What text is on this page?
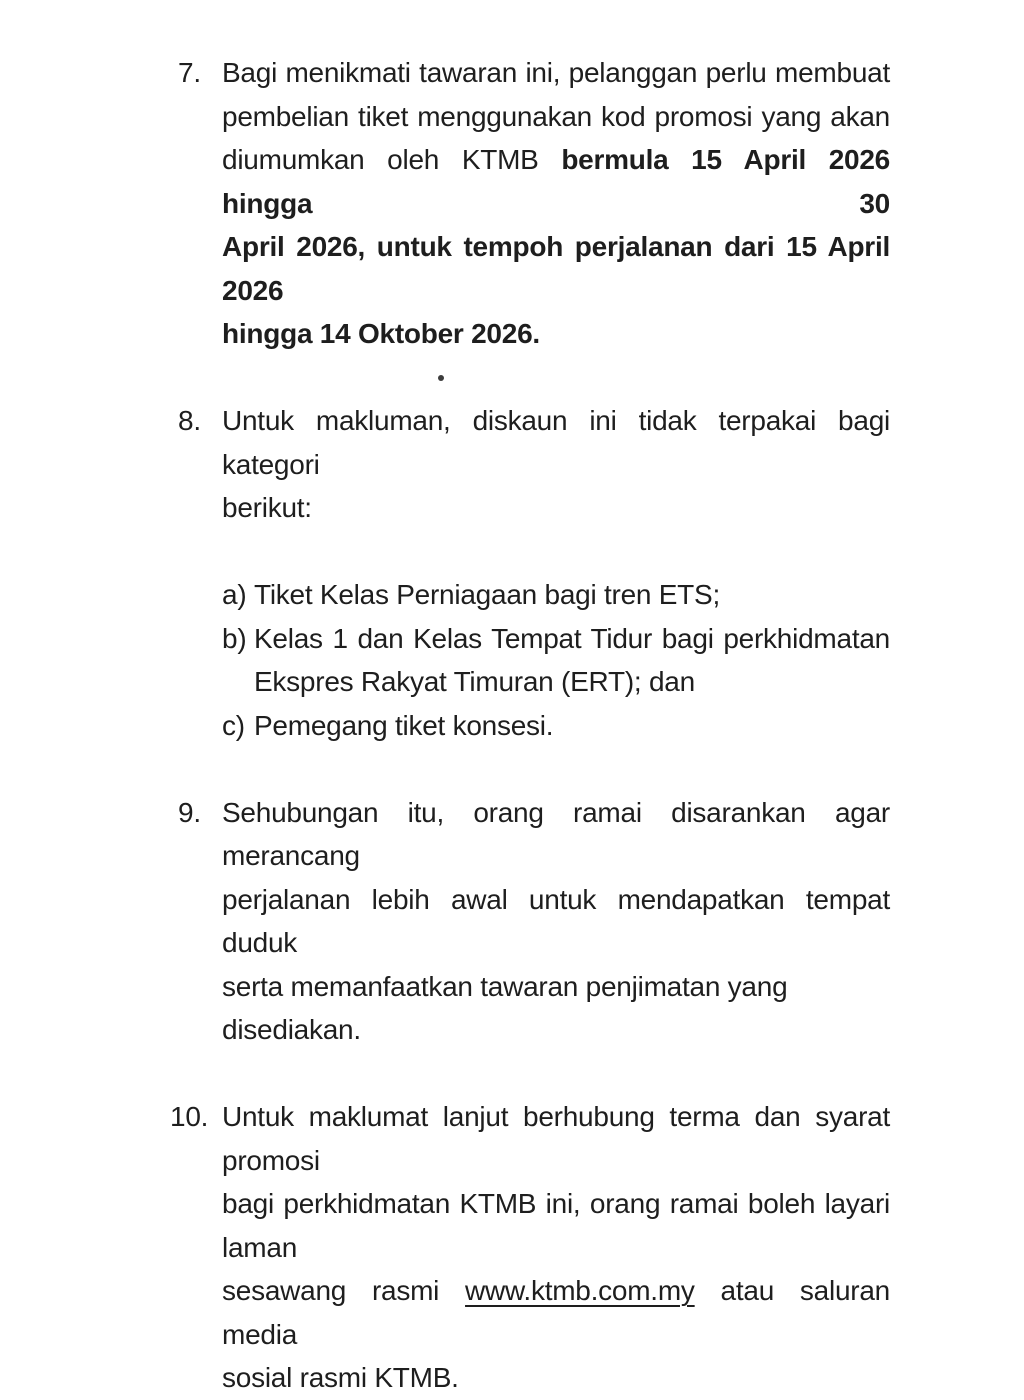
7. Bagi menikmati tawaran ini, pelanggan perlu membuat
pembelian tiket menggunakan kod promosi yang akan
diumumkan oleh KTMB bermula 15 April 2026 hingga 30
April 2026, untuk tempoh perjalanan dari 15 April 2026
hingga 14 Oktober 2026.
8. Untuk makluman, diskaun ini tidak terpakai bagi kategori
berikut:
a) Tiket Kelas Perniagaan bagi tren ETS;
b) Kelas 1 dan Kelas Tempat Tidur bagi perkhidmatan
Ekspres Rakyat Timuran (ERT); dan
c) Pemegang tiket konsesi.
9. Sehubungan itu, orang ramai disarankan agar merancang
perjalanan lebih awal untuk mendapatkan tempat duduk
serta memanfaatkan tawaran penjimatan yang disediakan.
10. Untuk maklumat lanjut berhubung terma dan syarat promosi
bagi perkhidmatan KTMB ini, orang ramai boleh layari laman
sesawang rasmi www.ktmb.com.my atau saluran media
sosial rasmi KTMB.
